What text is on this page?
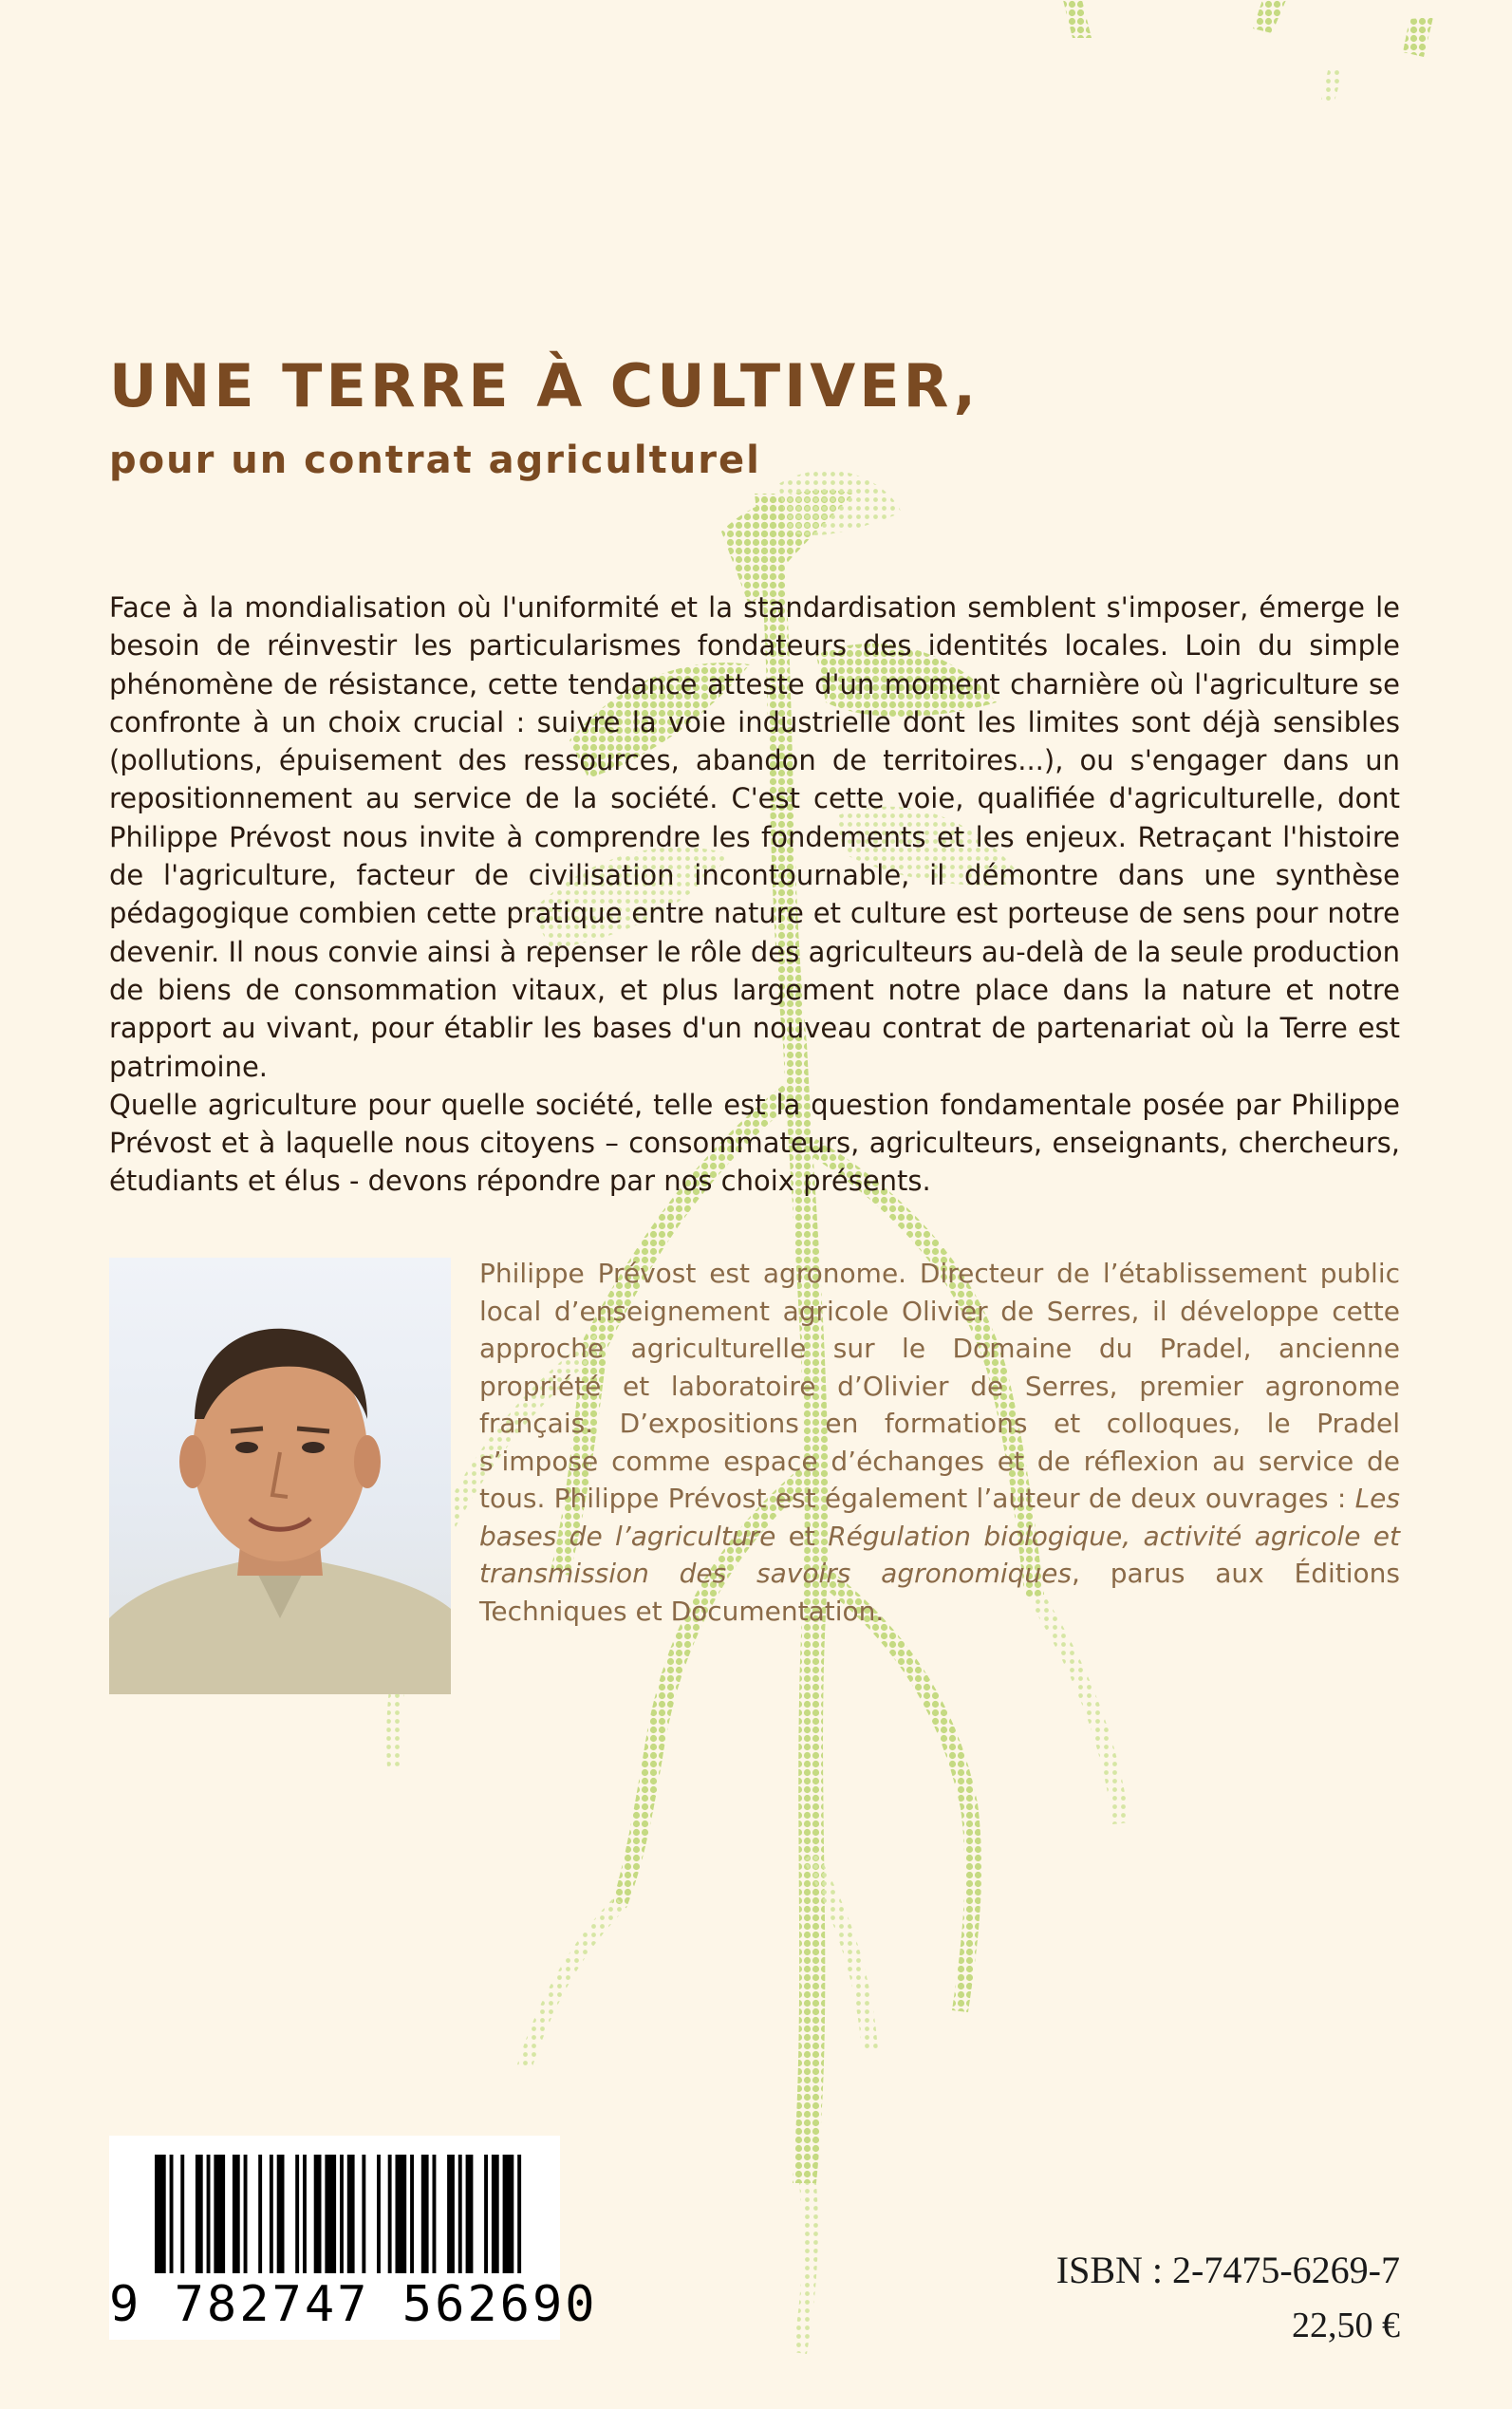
UNE TERRE À CULTIVER,
pour un contrat agriculturel

Face à la mondialisation où l'uniformité et la standardisation semblent s'imposer, émerge le besoin de réinvestir les particularismes fondateurs des identités locales. Loin du simple phénomène de résistance, cette tendance atteste d'un moment charnière où l'agriculture se confronte à un choix crucial : suivre la voie industrielle dont les limites sont déjà sensibles (pollutions, épuisement des ressources, abandon de territoires...), ou s'engager dans un repositionnement au service de la société. C'est cette voie, qualifiée d'agriculturelle, dont Philippe Prévost nous invite à comprendre les fondements et les enjeux. Retraçant l'histoire de l'agriculture, facteur de civilisation incontournable, il démontre dans une synthèse pédagogique combien cette pratique entre nature et culture est porteuse de sens pour notre devenir. Il nous convie ainsi à repenser le rôle des agriculteurs au-delà de la seule production de biens de consommation vitaux, et plus largement notre place dans la nature et notre rapport au vivant, pour établir les bases d'un nouveau contrat de partenariat où la Terre est patrimoine.

Quelle agriculture pour quelle société, telle est la question fondamentale posée par Philippe Prévost et à laquelle nous citoyens – consommateurs, agriculteurs, enseignants, chercheurs, étudiants et élus - devons répondre par nos choix présents.

Philippe Prévost est agronome. Directeur de l’établissement public local d’enseignement agricole Olivier de Serres, il développe cette approche agriculturelle sur le Domaine du Pradel, ancienne propriété et laboratoire d’Olivier de Serres, premier agronome français. D’expositions en formations et colloques, le Pradel s’impose comme espace d’échanges et de réflexion au service de tous. Philippe Prévost est également l’auteur de deux ouvrages : Les bases de l’agriculture et Régulation biologique, activité agricole et transmission des savoirs agronomiques, parus aux Éditions Techniques et Documentation.

9 782747 562690
ISBN : 2-7475-6269-7
22,50 €
